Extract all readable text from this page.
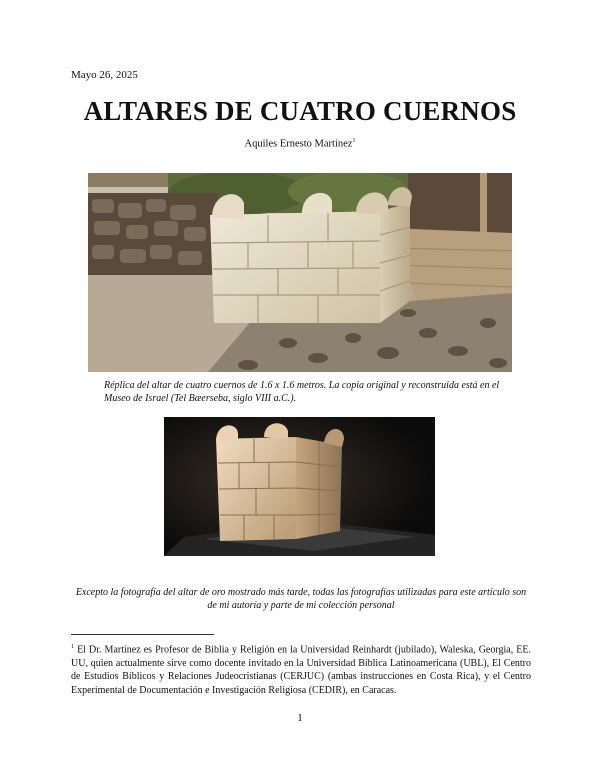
Mayo 26, 2025
ALTARES DE CUATRO CUERNOS
Aquiles Ernesto Martínez$^1$
Réplica del altar de cuatro cuernos de 1.6 x 1.6 metros. La copia original y reconstruida está en el Museo de Israel (Tel Bæerseba, siglo VIII a.C.).
Excepto la fotografía del altar de oro mostrado más tarde, todas las fotografías utilizadas para este artículo son de mi autoría y parte de mi colección personal
$^1$ El Dr. Martínez es Profesor de Biblia y Religión en la Universidad Reinhardt (jubilado), Waleska, Georgia, EE. UU, quien actualmente sirve como docente invitado en la Universidad Bíblica Latinoamericana (UBL), El Centro de Estudios Bíblicos y Relaciones Judeocristianas (CERJUC) (ambas instrucciones en Costa Rica), y el Centro Experimental de Documentación e Investigación Religiosa (CEDIR), en Caracas.
1
